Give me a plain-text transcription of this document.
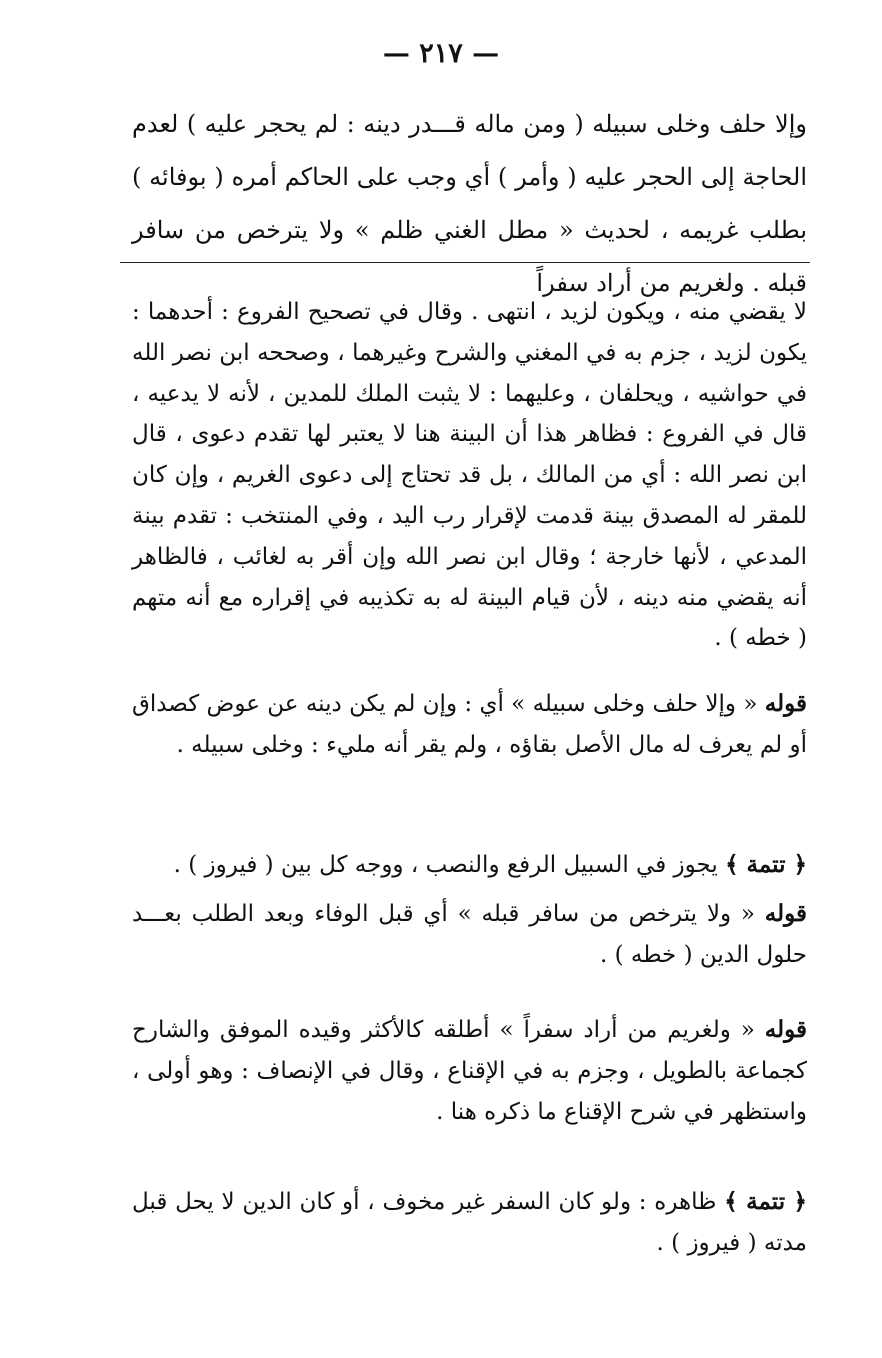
— ٢١٧ —

وإلا حلف وخلى سبيله ( ومن ماله قـــدر دينه : لم يحجر عليه ) لعدم الحاجة إلى الحجر عليه ( وأمر ) أي وجب على الحاكم أمره ( بوفائه ) بطلب غريمه ، لحديث « مطل الغني ظلم » ولا يترخص من سافر قبله . ولغريم من أراد سفراً

لا يقضي منه ، ويكون لزيد ، انتهى . وقال في تصحيح الفروع : أحدهما : يكون لزيد ، جزم به في المغني والشرح وغيرهما ، وصححه ابن نصر الله في حواشيه ، ويحلفان ، وعليهما : لا يثبت الملك للمدين ، لأنه لا يدعيه ، قال في الفروع : فظاهر هذا أن البينة هنا لا يعتبر لها تقدم دعوى ، قال ابن نصر الله : أي من المالك ، بل قد تحتاج إلى دعوى الغريم ، وإن كان للمقر له المصدق بينة قدمت لإقرار رب اليد ، وفي المنتخب : تقدم بينة المدعي ، لأنها خارجة ؛ وقال ابن نصر الله وإن أقر به لغائب ، فالظاهر أنه يقضي منه دينه ، لأن قيام البينة له به تكذيبه في إقراره مع أنه متهم ( خطه ) .

قوله « وإلا حلف وخلى سبيله » أي : وإن لم يكن دينه عن عوض كصداق أو لم يعرف له مال الأصل بقاؤه ، ولم يقر أنه مليء : وخلى سبيله .

﴿ تتمة ﴾ يجوز في السبيل الرفع والنصب ، ووجه كل بين ( فيروز ) .

قوله « ولا يترخص من سافر قبله » أي قبل الوفاء وبعد الطلب بعـــد حلول الدين ( خطه ) .

قوله « ولغريم من أراد سفراً » أطلقه كالأكثر وقيده الموفق والشارح كجماعة بالطويل ، وجزم به في الإقناع ، وقال في الإنصاف : وهو أولى ، واستظهر في شرح الإقناع ما ذكره هنا .

﴿ تتمة ﴾ ظاهره : ولو كان السفر غير مخوف ، أو كان الدين لا يحل قبل مدته ( فيروز ) .
